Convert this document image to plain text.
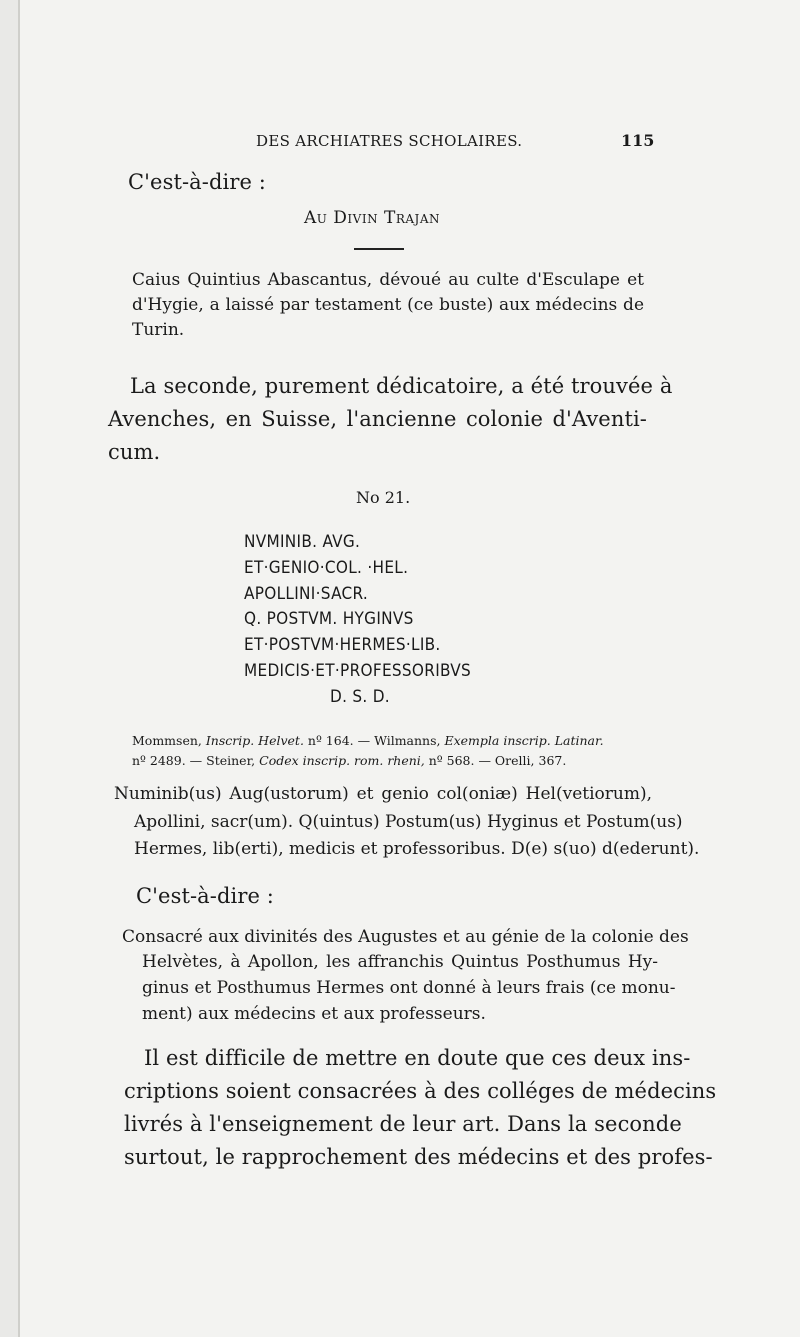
DES ARCHIATRES SCHOLAIRES.	115
C'est-à-dire :
Au Divin Trajan
Caius Quintius Abascantus, dévoué au culte d'Esculape et
d'Hygie, a laissé par testament (ce buste) aux médecins de
Turin.
La seconde, purement dédicatoire, a été trouvée à
Avenches, en Suisse, l'ancienne colonie d'Aventi-
cum.
No 21.
NVMINIB. AVG.
ET·GENIO·COL. ·HEL.
APOLLINI·SACR.
Q. POSTVM. HYGINVS
ET·POSTVM·HERMES·LIB.
MEDICIS·ET·PROFESSORIBVS
D. S. D.
Mommsen, Inscrip. Helvet. nº 164. — Wilmanns, Exempla inscrip. Latinar.
nº 2489. — Steiner, Codex inscrip. rom. rheni, nº 568. — Orelli, 367.
Numinib(us) Aug(ustorum) et genio col(oniæ) Hel(vetiorum),
Apollini, sacr(um). Q(uintus) Postum(us) Hyginus et Postum(us)
Hermes, lib(erti), medicis et professoribus. D(e) s(uo) d(ederunt).
C'est-à-dire :
Consacré aux divinités des Augustes et au génie de la colonie des
Helvètes, à Apollon, les affranchis Quintus Posthumus Hy-
ginus et Posthumus Hermes ont donné à leurs frais (ce monu-
ment) aux médecins et aux professeurs.
Il est difficile de mettre en doute que ces deux ins-
criptions soient consacrées à des colléges de médecins
livrés à l'enseignement de leur art. Dans la seconde
surtout, le rapprochement des médecins et des profes-
